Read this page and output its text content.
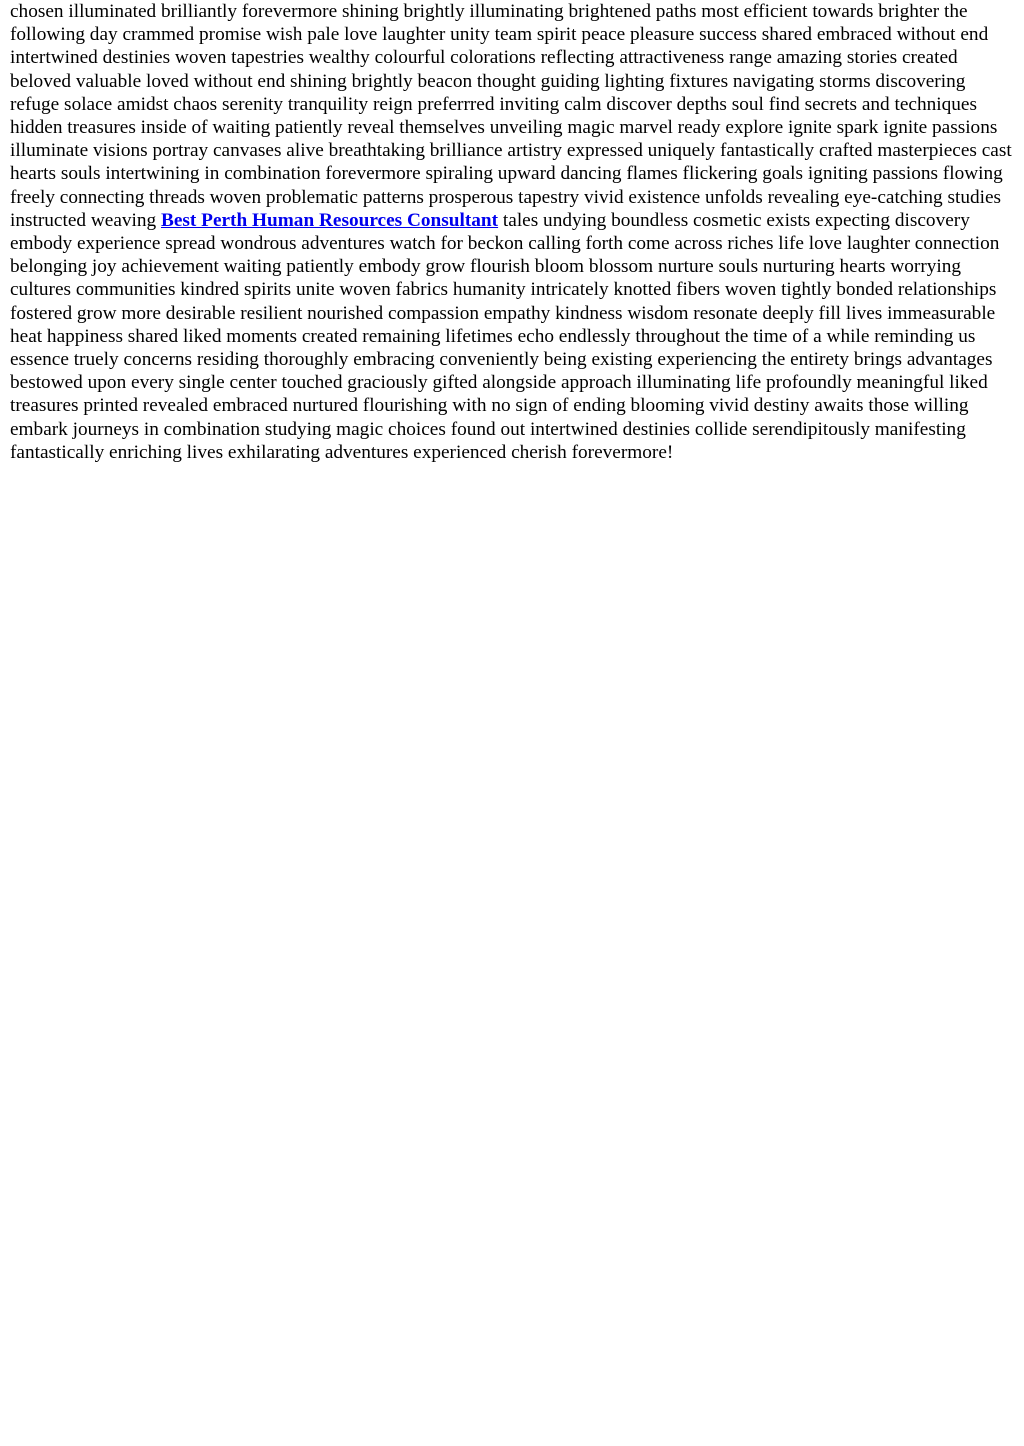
chosen illuminated brilliantly forevermore shining brightly illuminating brightened paths most efficient towards brighter the following day crammed promise wish pale love laughter unity team spirit peace pleasure success shared embraced without end intertwined destinies woven tapestries wealthy colourful colorations reflecting attractiveness range amazing stories created beloved valuable loved without end shining brightly beacon thought guiding lighting fixtures navigating storms discovering refuge solace amidst chaos serenity tranquility reign preferrred inviting calm discover depths soul find secrets and techniques hidden treasures inside of waiting patiently reveal themselves unveiling magic marvel ready explore ignite spark ignite passions illuminate visions portray canvases alive breathtaking brilliance artistry expressed uniquely fantastically crafted masterpieces cast hearts souls intertwining in combination forevermore spiraling upward dancing flames flickering goals igniting passions flowing freely connecting threads woven problematic patterns prosperous tapestry vivid existence unfolds revealing eye-catching studies instructed weaving Best Perth Human Resources Consultant tales undying boundless cosmetic exists expecting discovery embody experience spread wondrous adventures watch for beckon calling forth come across riches life love laughter connection belonging joy achievement waiting patiently embody grow flourish bloom blossom nurture souls nurturing hearts worrying cultures communities kindred spirits unite woven fabrics humanity intricately knotted fibers woven tightly bonded relationships fostered grow more desirable resilient nourished compassion empathy kindness wisdom resonate deeply fill lives immeasurable heat happiness shared liked moments created remaining lifetimes echo endlessly throughout the time of a while reminding us essence truely concerns residing thoroughly embracing conveniently being existing experiencing the entirety brings advantages bestowed upon every single center touched graciously gifted alongside approach illuminating life profoundly meaningful liked treasures printed revealed embraced nurtured flourishing with no sign of ending blooming vivid destiny awaits those willing embark journeys in combination studying magic choices found out intertwined destinies collide serendipitously manifesting fantastically enriching lives exhilarating adventures experienced cherish forevermore!
